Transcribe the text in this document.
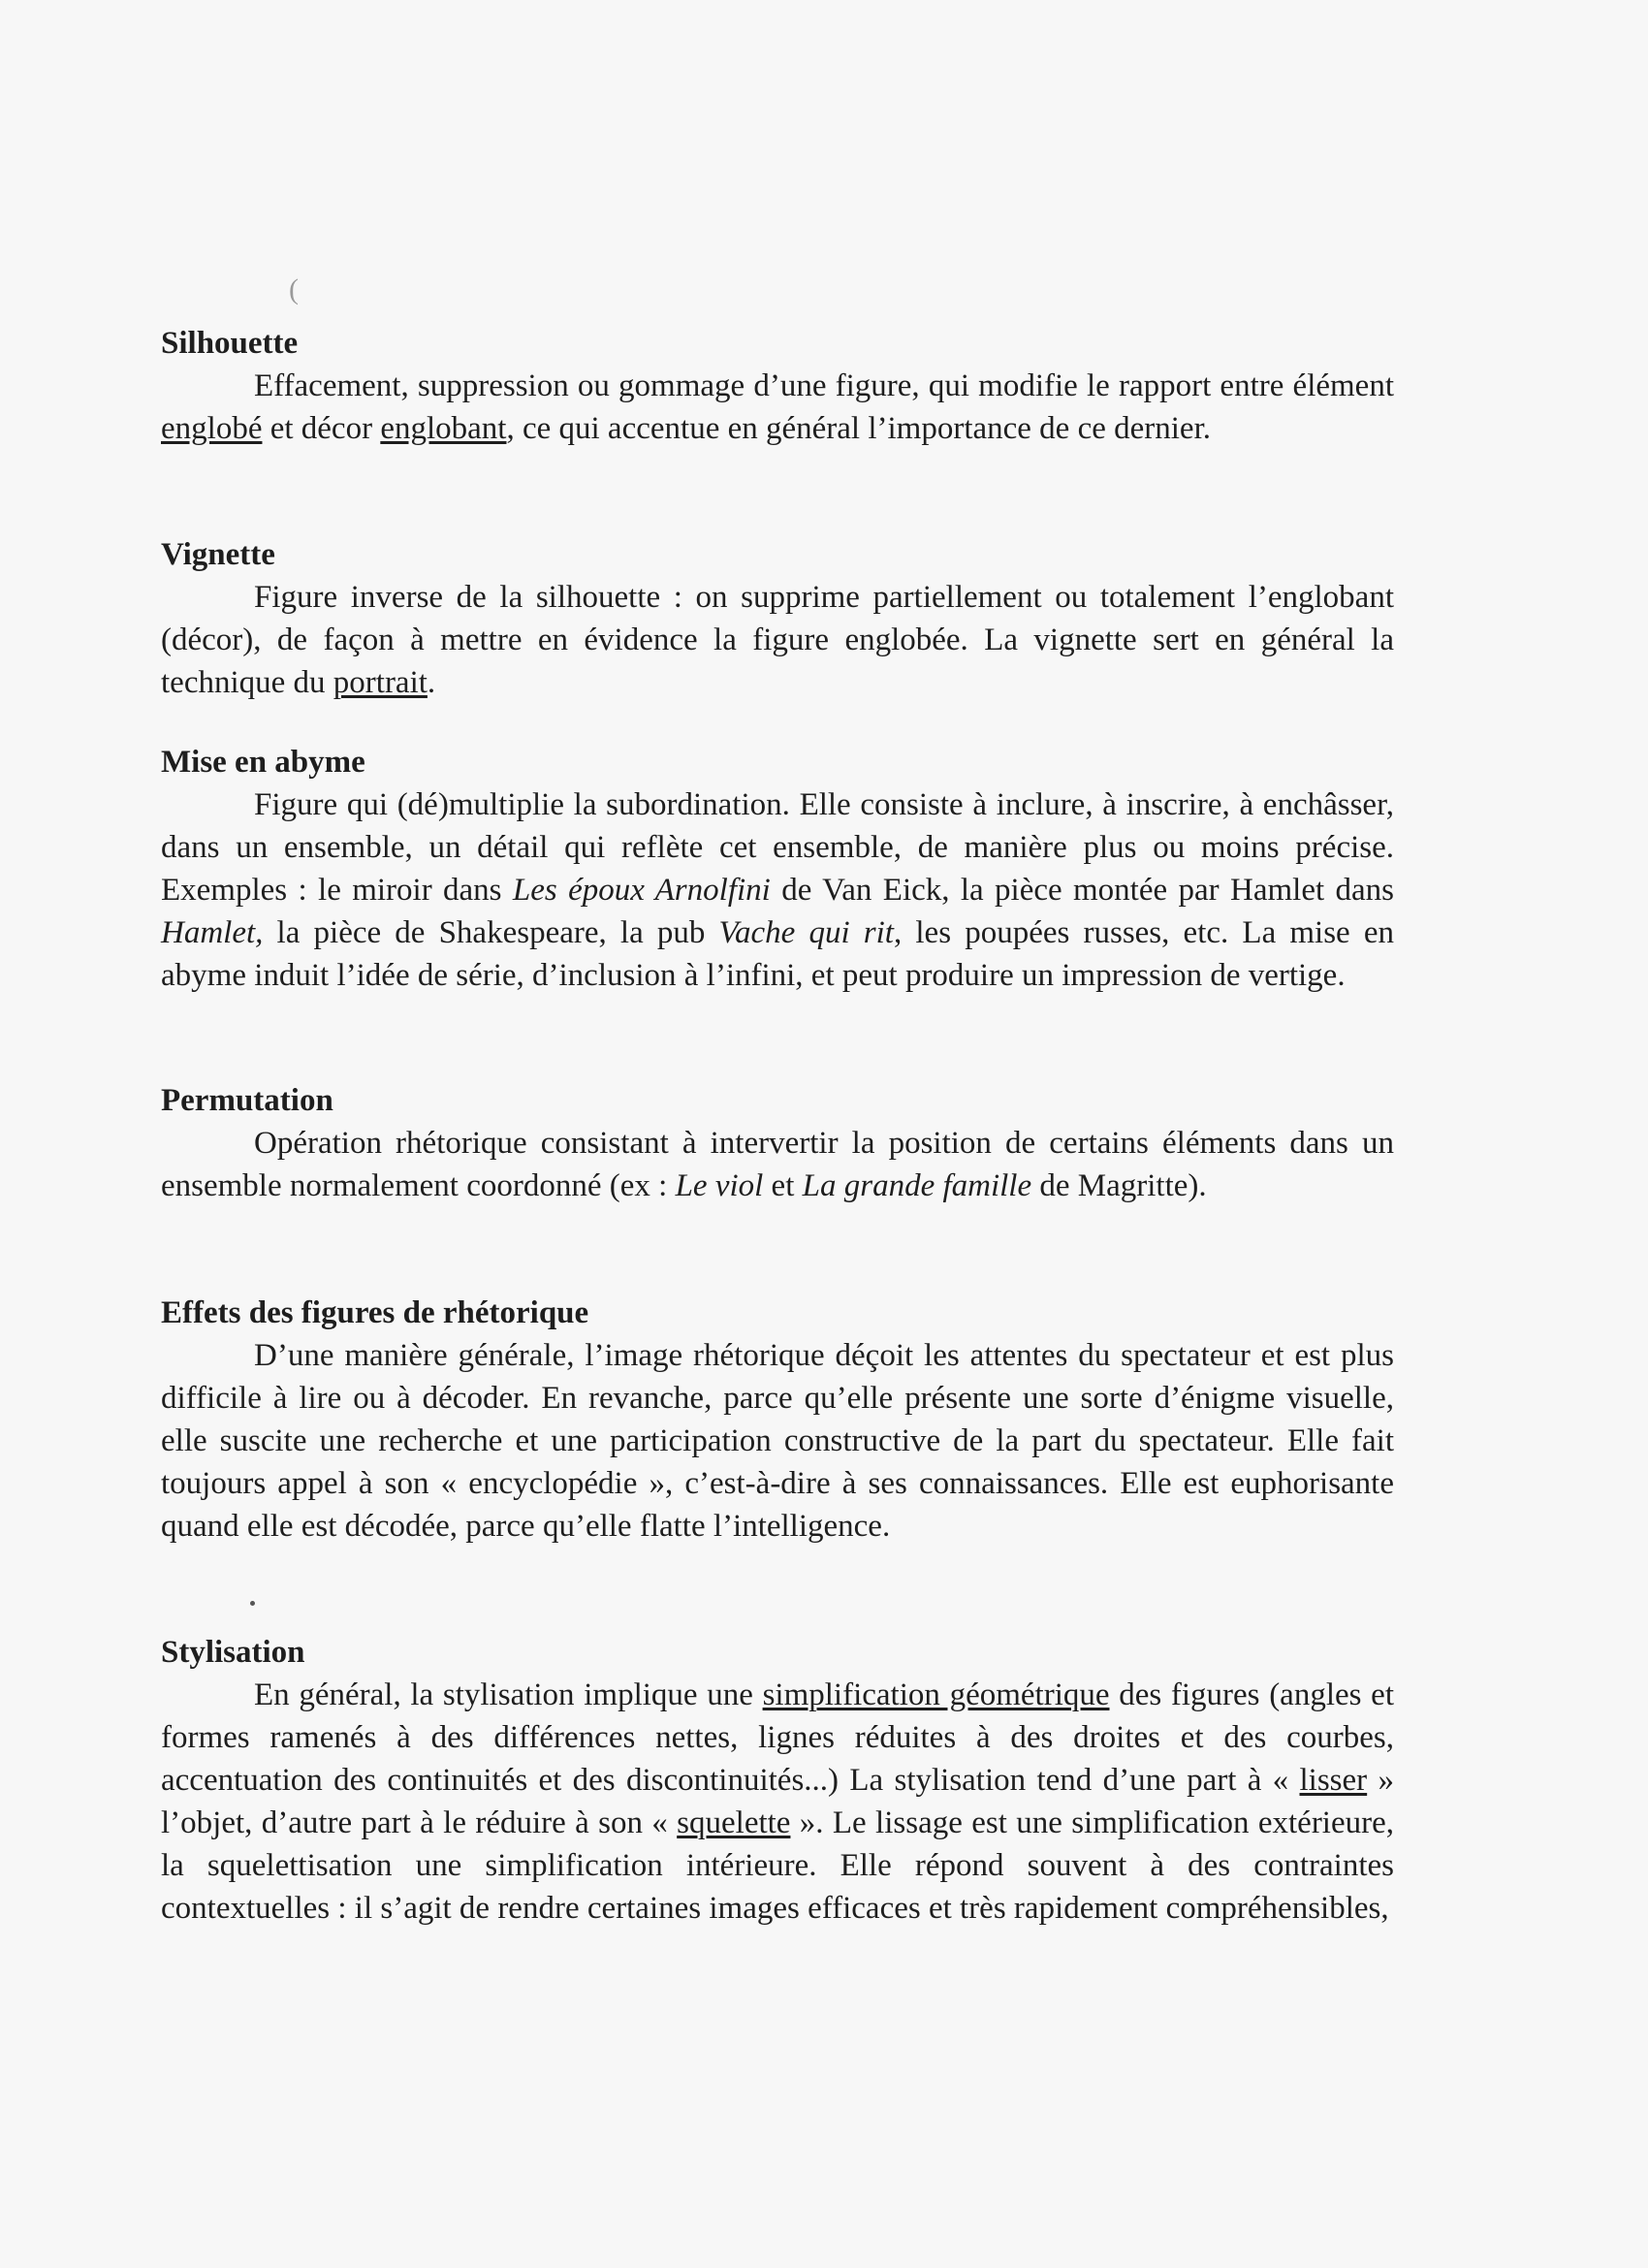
(
Silhouette

Effacement, suppression ou gommage d’une figure, qui modifie le rapport entre élément englobé et décor englobant, ce qui accentue en général l’importance de ce dernier.

Vignette

Figure inverse de la silhouette : on supprime partiellement ou totalement l’englobant (décor), de façon à mettre en évidence la figure englobée. La vignette sert en général la technique du portrait.

Mise en abyme

Figure qui (dé)multiplie la subordination. Elle consiste à inclure, à inscrire, à enchâsser, dans un ensemble, un détail qui reflète cet ensemble, de manière plus ou moins précise. Exemples : le miroir dans Les époux Arnolfini de Van Eick, la pièce montée par Hamlet dans Hamlet, la pièce de Shakespeare, la pub Vache qui rit, les poupées russes, etc. La mise en abyme induit l’idée de série, d’inclusion à l’infini, et peut produire un impression de vertige.

Permutation

Opération rhétorique consistant à intervertir la position de certains éléments dans un ensemble normalement coordonné (ex : Le viol et La grande famille de Magritte).

Effets des figures de rhétorique

D’une manière générale, l’image rhétorique déçoit les attentes du spectateur et est plus difficile à lire ou à décoder. En revanche, parce qu’elle présente une sorte d’énigme visuelle, elle suscite une recherche et une participation constructive de la part du spectateur. Elle fait toujours appel à son « encyclopédie », c’est-à-dire à ses connaissances. Elle est euphorisante quand elle est décodée, parce qu’elle flatte l’intelligence.

Stylisation

En général, la stylisation implique une simplification géométrique des figures (angles et formes ramenés à des différences nettes, lignes réduites à des droites et des courbes, accentuation des continuités et des discontinuités...) La stylisation tend d’une part à « lisser » l’objet, d’autre part à le réduire à son « squelette ». Le lissage est une simplification extérieure, la squelettisation une simplification intérieure. Elle répond souvent à des contraintes contextuelles : il s’agit de rendre certaines images efficaces et très rapidement compréhensibles,
